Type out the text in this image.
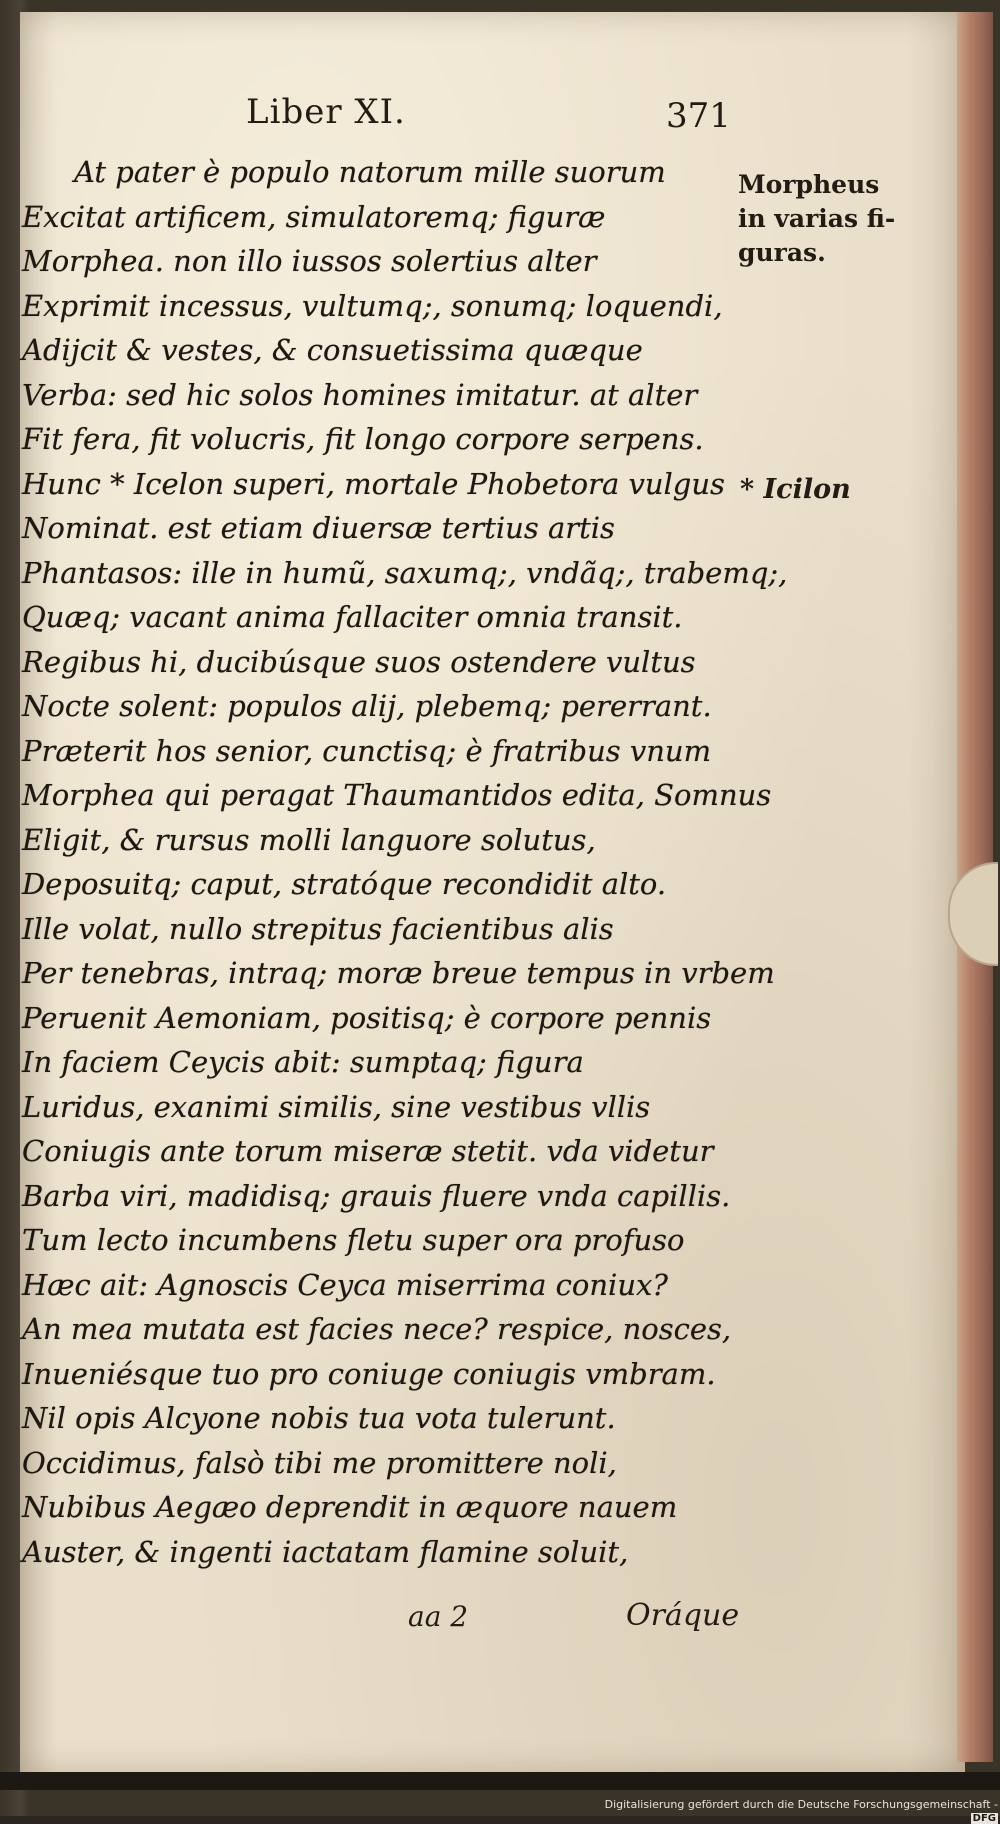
Liber XI.	371
At pater è populo natorum mille suorum
Excitat artificem, simulatoremq; figuræ
Morphea. non illo iussos solertius alter
Exprimit incessus, vultumq;, sonumq; loquendi,
Adijcit & vestes, & consuetissima quæque
Verba: sed hic solos homines imitatur. at alter
Fit fera, fit volucris, fit longo corpore serpens.
Hunc * Icelon superi, mortale Phobetora vulgus
Nominat. est etiam diuersæ tertius artis
Phantasos: ille in humũ, saxumq;, vndãq;, trabemq;,
Quæq; vacant anima fallaciter omnia transit.
Regibus hi, ducibúsque suos ostendere vultus
Nocte solent: populos alij, plebemq; pererrant.
Præterit hos senior, cunctisq; è fratribus vnum
Morphea qui peragat Thaumantidos edita, Somnus
Eligit, & rursus molli languore solutus,
Deposuitq; caput, stratóque recondidit alto.
Ille volat, nullo strepitus facientibus alis
Per tenebras, intraq; moræ breue tempus in vrbem
Peruenit Aemoniam, positisq; è corpore pennis
In faciem Ceycis abit: sumptaq; figura
Luridus, exanimi similis, sine vestibus vllis
Coniugis ante torum miseræ stetit. vda videtur
Barba viri, madidisq; grauis fluere vnda capillis.
Tum lecto incumbens fletu super ora profuso
Hæc ait: Agnoscis Ceyca miserrima coniux?
An mea mutata est facies nece? respice, nosces,
Inueniésque tuo pro coniuge coniugis vmbram.
Nil opis Alcyone nobis tua vota tulerunt.
Occidimus, falsò tibi me promittere noli,
Nubibus Aegæo deprendit in æquore nauem
Auster, & ingenti iactatam flamine soluit,
Morpheus
in varias fi-
guras.
* Icilon
aa 2	Oráque
Digitalisierung gefördert durch die Deutsche Forschungsgemeinschaft -DFG
